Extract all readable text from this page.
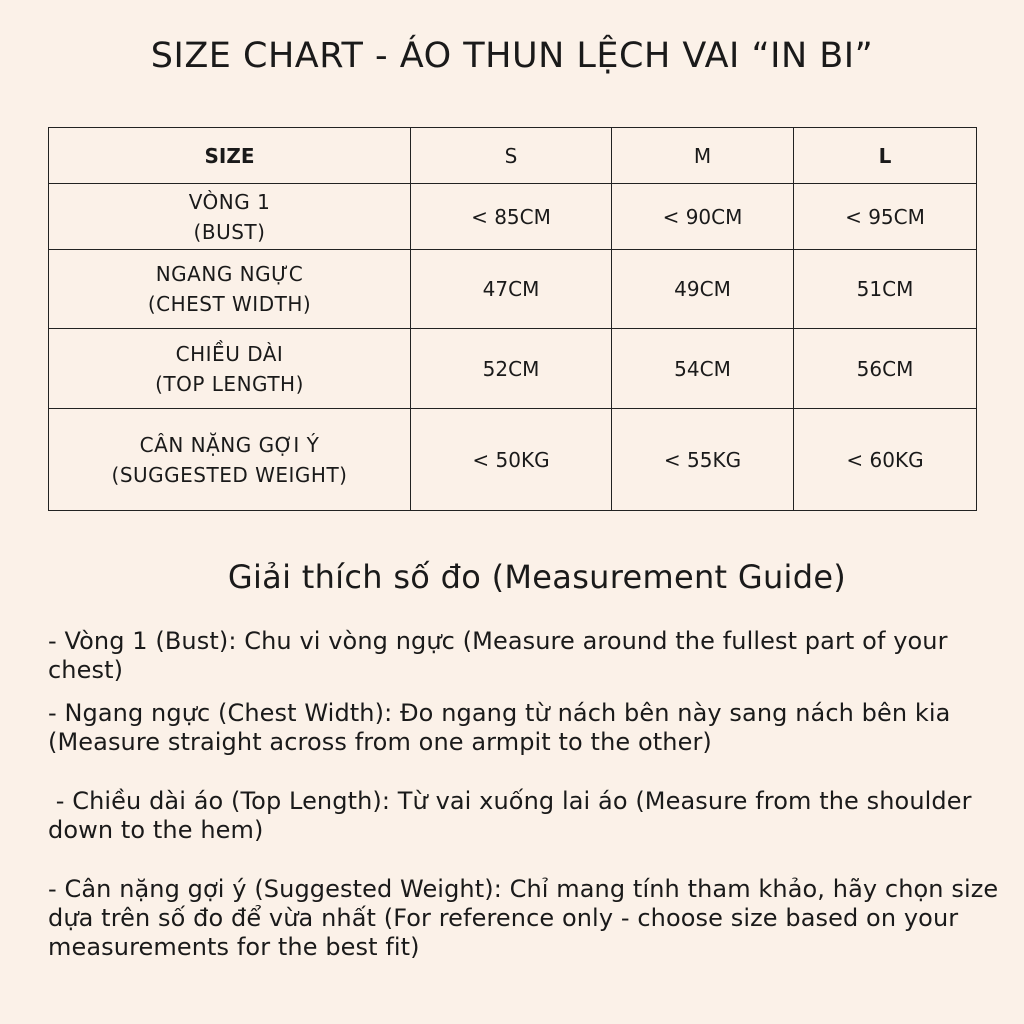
SIZE CHART - ÁO THUN LỆCH VAI “IN BI”
SIZE	S	M	L

VÒNG 1
(BUST)	< 85CM	< 90CM	< 95CM

NGANG NGỰC
(CHEST WIDTH)	47CM	49CM	51CM

CHIỀU DÀI
(TOP LENGTH)	52CM	54CM	56CM

CÂN NẶNG GỢI Ý
(SUGGESTED WEIGHT)	< 50KG	< 55KG	< 60KG
Giải thích số đo (Measurement Guide)
- Vòng 1 (Bust): Chu vi vòng ngực (Measure around the fullest part of your chest)
- Ngang ngực (Chest Width): Đo ngang từ nách bên này sang nách bên kia (Measure straight across from one armpit to the other)
- Chiều dài áo (Top Length): Từ vai xuống lai áo (Measure from the shoulder down to the hem)
- Cân nặng gợi ý (Suggested Weight): Chỉ mang tính tham khảo, hãy chọn size dựa trên số đo để vừa nhất (For reference only - choose size based on your measurements for the best fit)
